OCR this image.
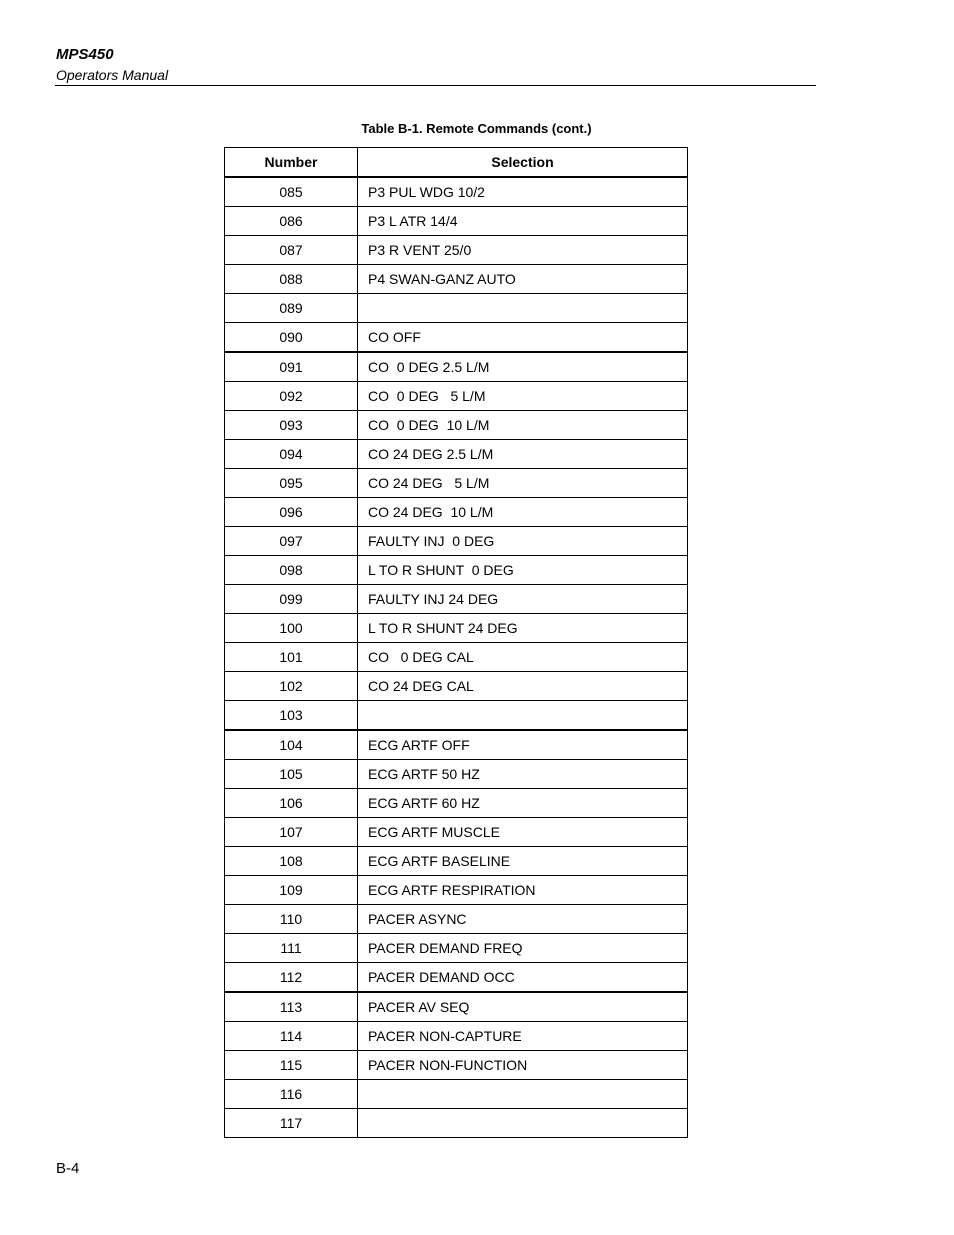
MPS450
Operators Manual
Table B-1. Remote Commands (cont.)
Number	Selection
085	P3 PUL WDG 10/2
086	P3 L ATR 14/4
087	P3 R VENT 25/0
088	P4 SWAN-GANZ AUTO
089	
090	CO OFF
091	CO  0 DEG 2.5 L/M
092	CO  0 DEG   5 L/M
093	CO  0 DEG  10 L/M
094	CO 24 DEG 2.5 L/M
095	CO 24 DEG   5 L/M
096	CO 24 DEG  10 L/M
097	FAULTY INJ  0 DEG
098	L TO R SHUNT  0 DEG
099	FAULTY INJ 24 DEG
100	L TO R SHUNT 24 DEG
101	CO   0 DEG CAL
102	CO 24 DEG CAL
103	
104	ECG ARTF OFF
105	ECG ARTF 50 HZ
106	ECG ARTF 60 HZ
107	ECG ARTF MUSCLE
108	ECG ARTF BASELINE
109	ECG ARTF RESPIRATION
110	PACER ASYNC
111	PACER DEMAND FREQ
112	PACER DEMAND OCC
113	PACER AV SEQ
114	PACER NON-CAPTURE
115	PACER NON-FUNCTION
116	
117	
B-4
